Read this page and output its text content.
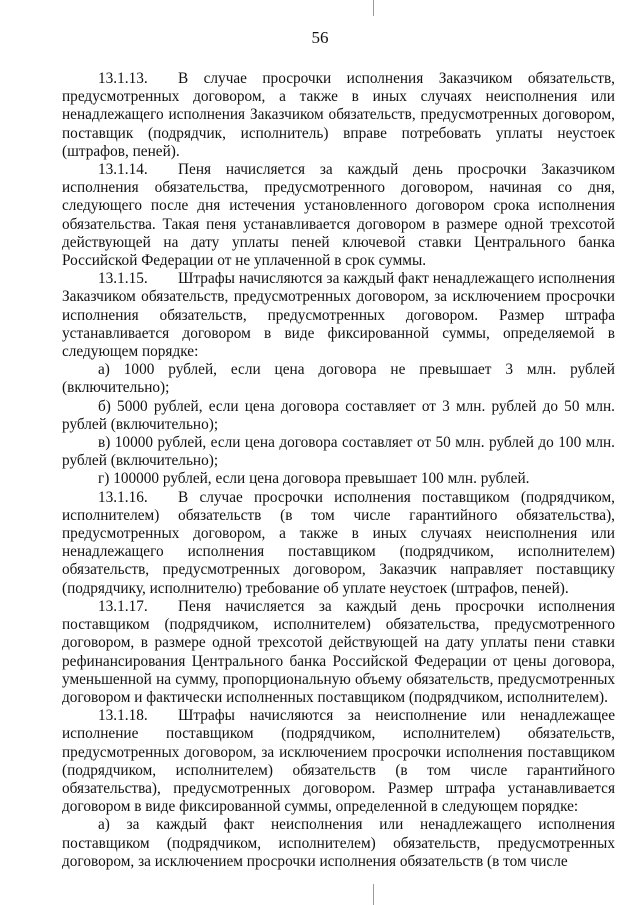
56

13.1.13. В случае просрочки исполнения Заказчиком обязательств, предусмотренных договором, а также в иных случаях неисполнения или ненадлежащего исполнения Заказчиком обязательств, предусмотренных договором, поставщик (подрядчик, исполнитель) вправе потребовать уплаты неустоек (штрафов, пеней).

13.1.14. Пеня начисляется за каждый день просрочки Заказчиком исполнения обязательства, предусмотренного договором, начиная со дня, следующего после дня истечения установленного договором срока исполнения обязательства. Такая пеня устанавливается договором в размере одной трехсотой действующей на дату уплаты пеней ключевой ставки Центрального банка Российской Федерации от не уплаченной в срок суммы.

13.1.15. Штрафы начисляются за каждый факт ненадлежащего исполнения Заказчиком обязательств, предусмотренных договором, за исключением просрочки исполнения обязательств, предусмотренных договором. Размер штрафа устанавливается договором в виде фиксированной суммы, определяемой в следующем порядке:

а) 1000 рублей, если цена договора не превышает 3 млн. рублей (включительно);

б) 5000 рублей, если цена договора составляет от 3 млн. рублей до 50 млн. рублей (включительно);

в) 10000 рублей, если цена договора составляет от 50 млн. рублей до 100 млн. рублей (включительно);

г) 100000 рублей, если цена договора превышает 100 млн. рублей.

13.1.16. В случае просрочки исполнения поставщиком (подрядчиком, исполнителем) обязательств (в том числе гарантийного обязательства), предусмотренных договором, а также в иных случаях неисполнения или ненадлежащего исполнения поставщиком (подрядчиком, исполнителем) обязательств, предусмотренных договором, Заказчик направляет поставщику (подрядчику, исполнителю) требование об уплате неустоек (штрафов, пеней).

13.1.17. Пеня начисляется за каждый день просрочки исполнения поставщиком (подрядчиком, исполнителем) обязательства, предусмотренного договором, в размере одной трехсотой действующей на дату уплаты пени ставки рефинансирования Центрального банка Российской Федерации от цены договора, уменьшенной на сумму, пропорциональную объему обязательств, предусмотренных договором и фактически исполненных поставщиком (подрядчиком, исполнителем).

13.1.18. Штрафы начисляются за неисполнение или ненадлежащее исполнение поставщиком (подрядчиком, исполнителем) обязательств, предусмотренных договором, за исключением просрочки исполнения поставщиком (подрядчиком, исполнителем) обязательств (в том числе гарантийного обязательства), предусмотренных договором. Размер штрафа устанавливается договором в виде фиксированной суммы, определенной в следующем порядке:

а) за каждый факт неисполнения или ненадлежащего исполнения поставщиком (подрядчиком, исполнителем) обязательств, предусмотренных договором, за исключением просрочки исполнения обязательств (в том числе
